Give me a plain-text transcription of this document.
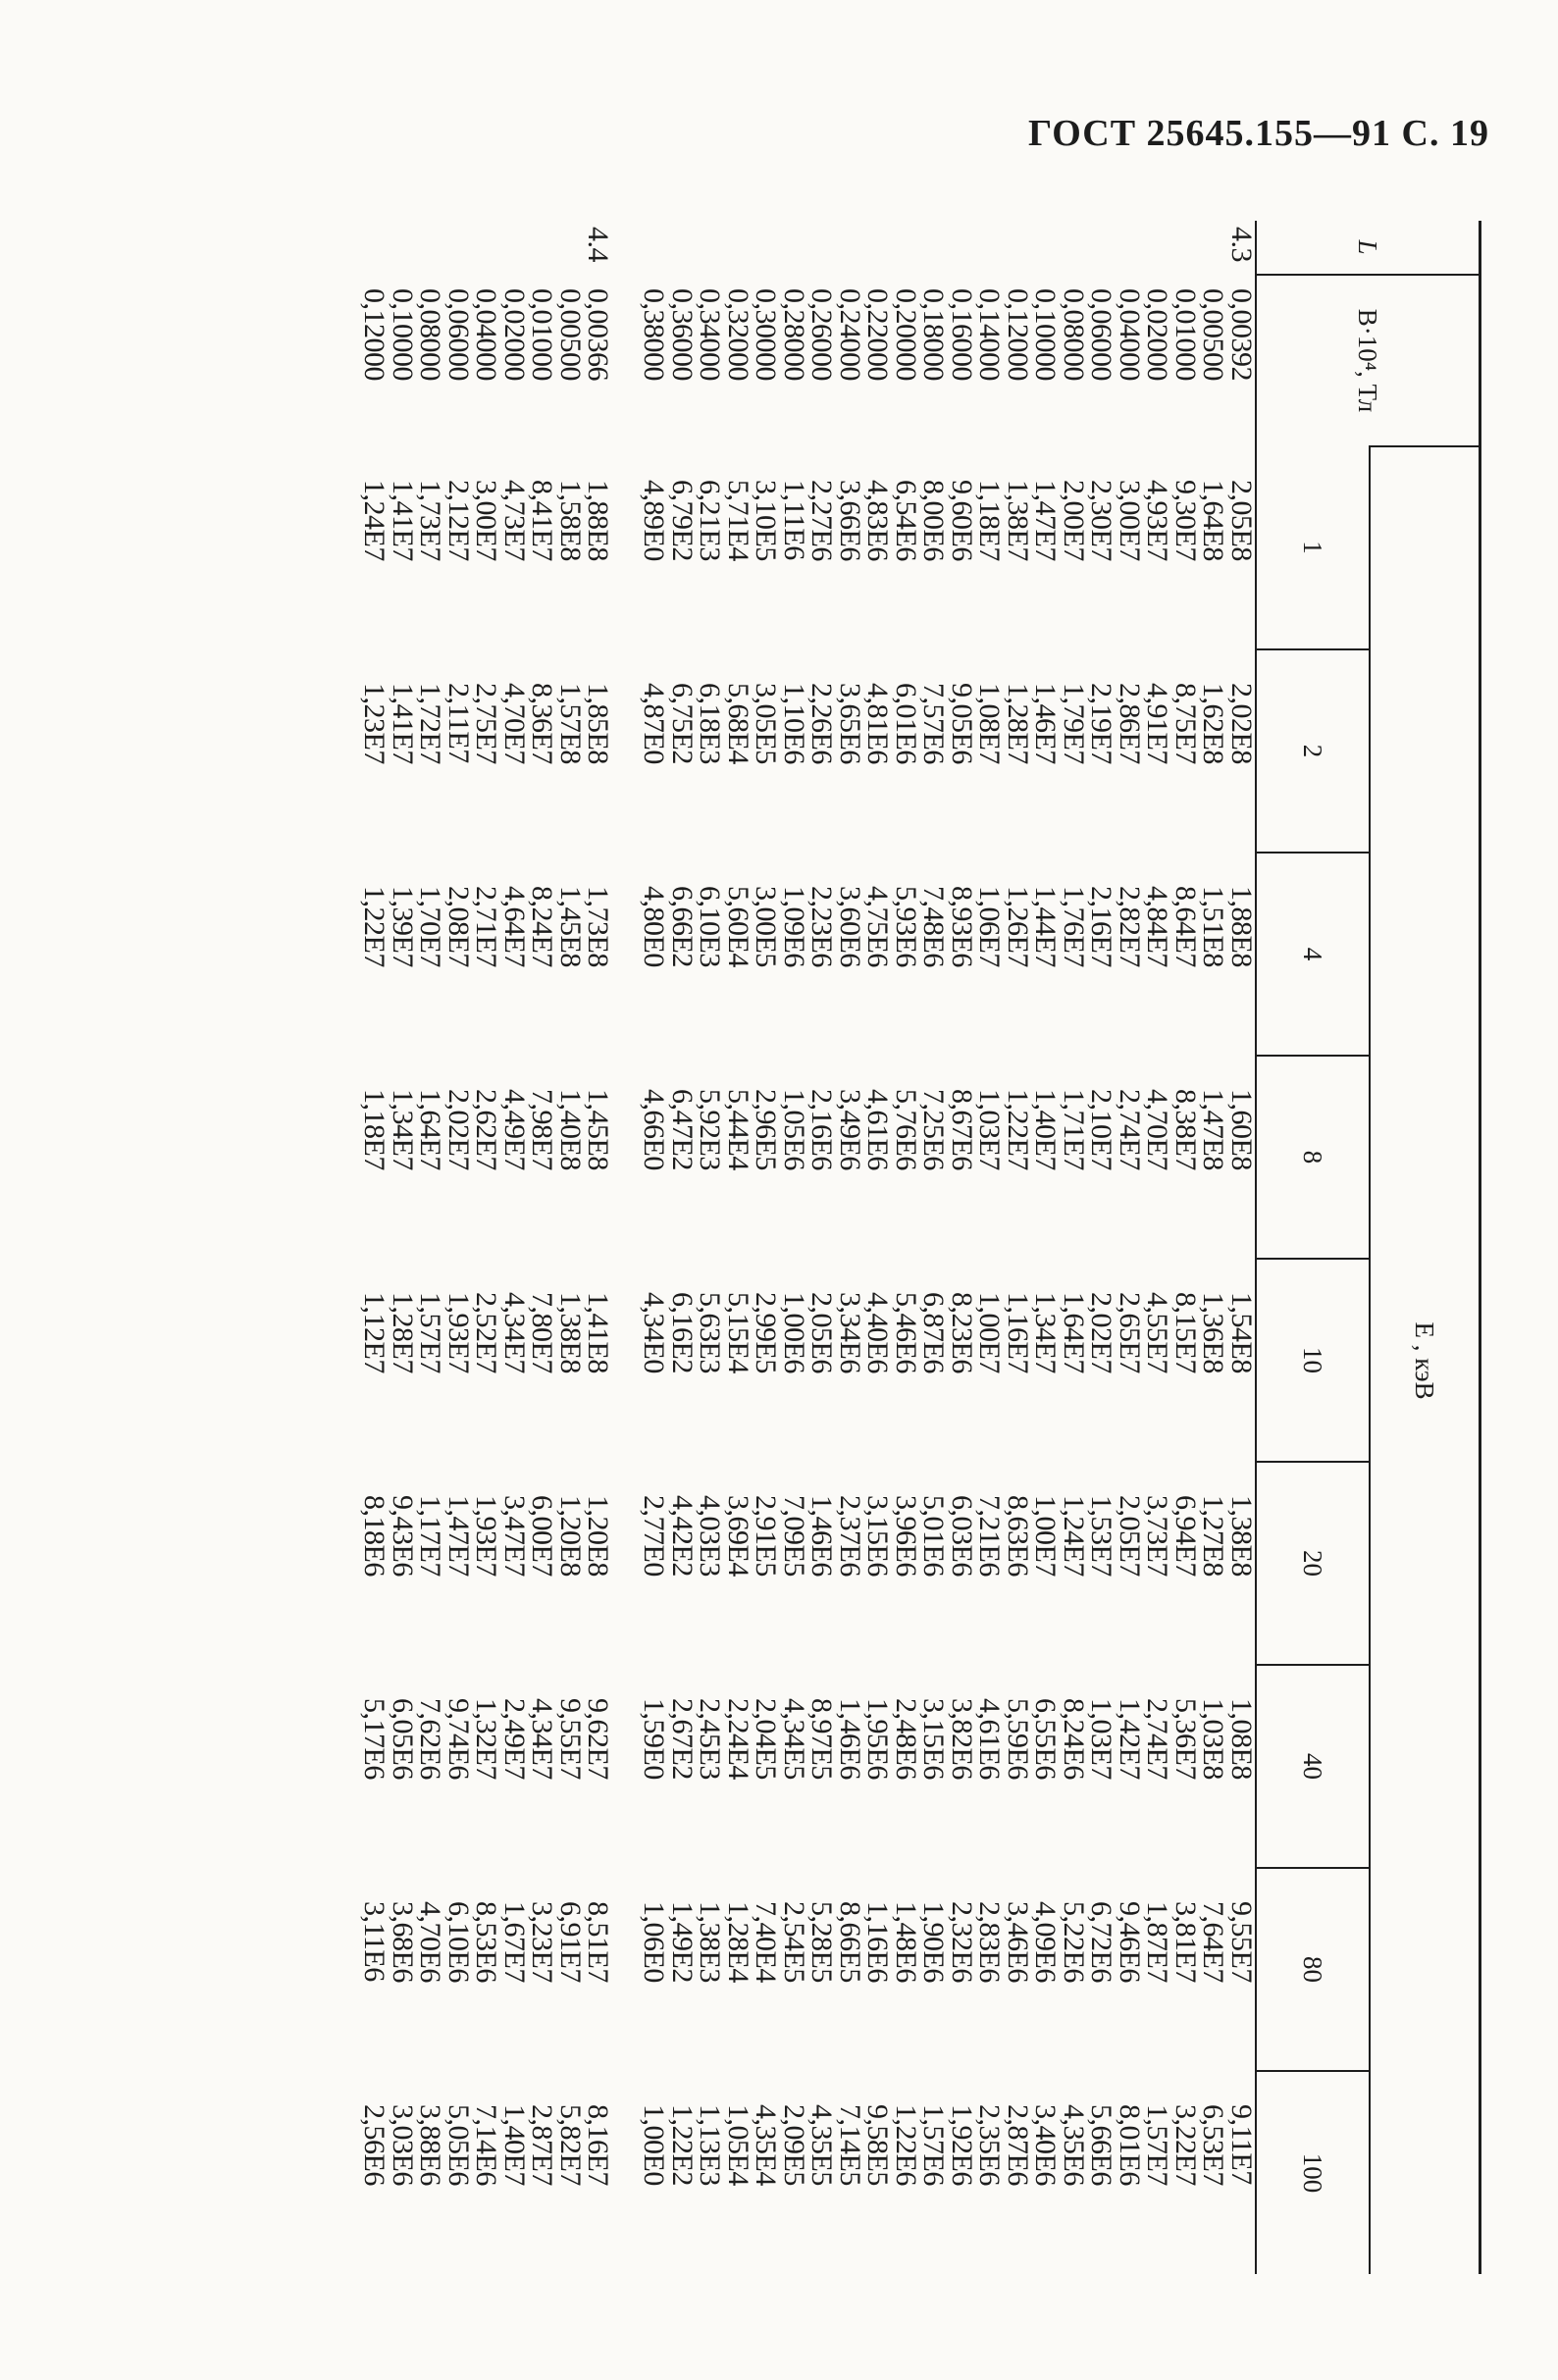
ГОСТ 25645.155—91 С. 19
L	B·10⁴, Тл	E , кэВ								
		1	2	4	8	10	20	40	80	100
4.3	0,00392	2,05E8	2,02E8	1,88E8	1,60E8	1,54E8	1,38E8	1,08E8	9,55E7	9,11E7
	0,00500	1,64E8	1,62E8	1,51E8	1,47E8	1,36E8	1,27E8	1,03E8	7,64E7	6,53E7
	0,01000	9,30E7	8,75E7	8,64E7	8,38E7	8,15E7	6,94E7	5,36E7	3,81E7	3,22E7
	0,02000	4,93E7	4,91E7	4,84E7	4,70E7	4,55E7	3,73E7	2,74E7	1,87E7	1,57E7
	0,04000	3,00E7	2,86E7	2,82E7	2,74E7	2,65E7	2,05E7	1,42E7	9,46E6	8,01E6
	0,06000	2,30E7	2,19E7	2,16E7	2,10E7	2,02E7	1,53E7	1,03E7	6,72E6	5,66E6
	0,08000	2,00E7	1,79E7	1,76E7	1,71E7	1,64E7	1,24E7	8,24E6	5,22E6	4,35E6
	0,10000	1,47E7	1,46E7	1,44E7	1,40E7	1,34E7	1,00E7	6,55E6	4,09E6	3,40E6
	0,12000	1,38E7	1,28E7	1,26E7	1,22E7	1,16E7	8,63E6	5,59E6	3,46E6	2,87E6
	0,14000	1,18E7	1,08E7	1,06E7	1,03E7	1,00E7	7,21E6	4,61E6	2,83E6	2,35E6
	0,16000	9,60E6	9,05E6	8,93E6	8,67E6	8,23E6	6,03E6	3,82E6	2,32E6	1,92E6
	0,18000	8,00E6	7,57E6	7,48E6	7,25E6	6,87E6	5,01E6	3,15E6	1,90E6	1,57E6
	0,20000	6,54E6	6,01E6	5,93E6	5,76E6	5,46E6	3,96E6	2,48E6	1,48E6	1,22E6
	0,22000	4,83E6	4,81E6	4,75E6	4,61E6	4,40E6	3,15E6	1,95E6	1,16E6	9,58E5
	0,24000	3,66E6	3,65E6	3,60E6	3,49E6	3,34E6	2,37E6	1,46E6	8,66E5	7,14E5
	0,26000	2,27E6	2,26E6	2,23E6	2,16E6	2,05E6	1,46E6	8,97E5	5,28E5	4,35E5
	0,28000	1,11E6	1,10E6	1,09E6	1,05E6	1,00E6	7,09E5	4,34E5	2,54E5	2,09E5
	0,30000	3,10E5	3,05E5	3,00E5	2,96E5	2,99E5	2,91E5	2,04E5	7,40E4	4,35E4
	0,32000	5,71E4	5,68E4	5,60E4	5,44E4	5,15E4	3,69E4	2,24E4	1,28E4	1,05E4
	0,34000	6,21E3	6,18E3	6,10E3	5,92E3	5,63E3	4,03E3	2,45E3	1,38E3	1,13E3
	0,36000	6,79E2	6,75E2	6,66E2	6,47E2	6,16E2	4,42E2	2,67E2	1,49E2	1,22E2
	0,38000	4,89E0	4,87E0	4,80E0	4,66E0	4,34E0	2,77E0	1,59E0	1,06E0	1,00E0

4.4	0,00366	1,88E8	1,85E8	1,73E8	1,45E8	1,41E8	1,20E8	9,62E7	8,51E7	8,16E7
	0,00500	1,58E8	1,57E8	1,45E8	1,40E8	1,38E8	1,20E8	9,55E7	6,91E7	5,82E7
	0,01000	8,41E7	8,36E7	8,24E7	7,98E7	7,80E7	6,00E7	4,34E7	3,23E7	2,87E7
	0,02000	4,73E7	4,70E7	4,64E7	4,49E7	4,34E7	3,47E7	2,49E7	1,67E7	1,40E7
	0,04000	3,00E7	2,75E7	2,71E7	2,62E7	2,52E7	1,93E7	1,32E7	8,53E6	7,14E6
	0,06000	2,12E7	2,11E7	2,08E7	2,02E7	1,93E7	1,47E7	9,74E6	6,10E6	5,05E6
	0,08000	1,73E7	1,72E7	1,70E7	1,64E7	1,57E7	1,17E7	7,62E6	4,70E6	3,88E6
	0,10000	1,41E7	1,41E7	1,39E7	1,34E7	1,28E7	9,43E6	6,05E6	3,68E6	3,03E6
	0,12000	1,24E7	1,23E7	1,22E7	1,18E7	1,12E7	8,18E6	5,17E6	3,11E6	2,56E6
